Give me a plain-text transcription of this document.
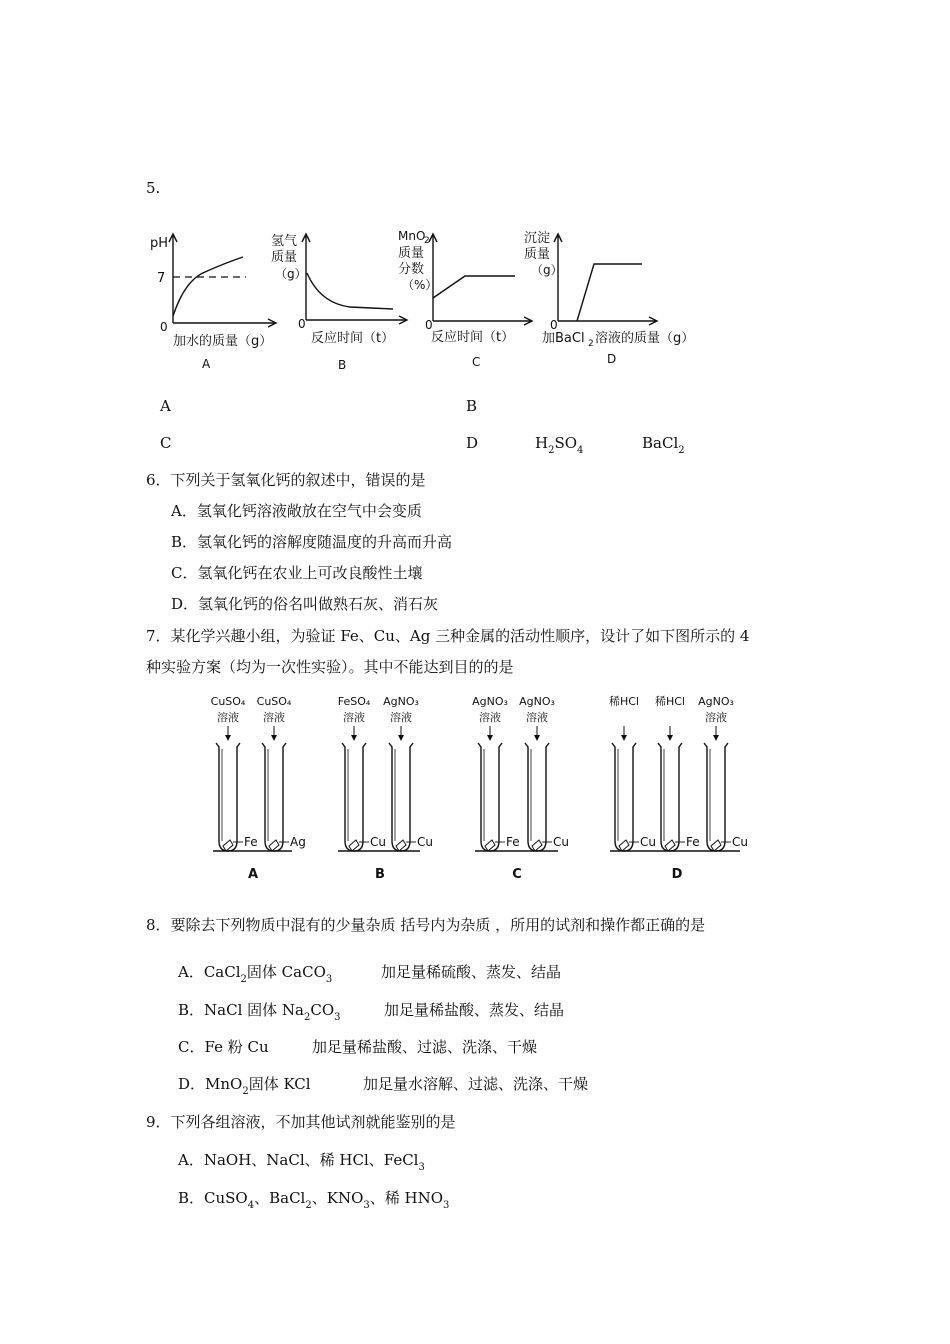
5.
pH
7
0
加水的质量（g）
A
氢气
质量
（g）
0
反应时间（t）
B
MnO
2
质量
分数
（%）
0
反应时间（t）
C
沉淀
质量
（g）
0
加BaCl 2 溶液的质量（g）
D
A	B
C	D	$H_2SO_4$	BaCl$_2$
6．下列关于氢氧化钙的叙述中，错误的是
A．氢氧化钙溶液敞放在空气中会变质
B．氢氧化钙的溶解度随温度的升高而升高
C．氢氧化钙在农业上可改良酸性土壤
D．氢氧化钙的俗名叫做熟石灰、消石灰
7．某化学兴趣小组，为验证 Fe、Cu、Ag 三种金属的活动性顺序，设计了如下图所示的 4
种实验方案（均为一次性实验）。其中不能达到目的的是
CuSO₄
溶液
Fe
CuSO₄
溶液
Ag
A
FeSO₄
溶液
Cu
AgNO₃
溶液
Cu
B
AgNO₃
溶液
Fe
AgNO₃
溶液
Cu
C
稀HCl
Cu
稀HCl
Fe
AgNO₃
溶液
Cu
D
8．要除去下列物质中混有的少量杂质 括号内为杂质 ，所用的试剂和操作都正确的是
A．CaCl$_2$固体 CaCO$_3$	加足量稀硫酸、蒸发、结晶
B．NaCl 固体 $Na_2CO_3$	加足量稀盐酸、蒸发、结晶
C．Fe 粉 Cu	加足量稀盐酸、过滤、洗涤、干燥
D．MnO$_2$固体 KCl	加足量水溶解、过滤、洗涤、干燥
9．下列各组溶液，不加其他试剂就能鉴别的是
A．NaOH、NaCl、稀 HCl、FeCl$_3$
B．CuSO$_4$、BaCl$_2$、$KNO_3$、稀 $HNO_3$
